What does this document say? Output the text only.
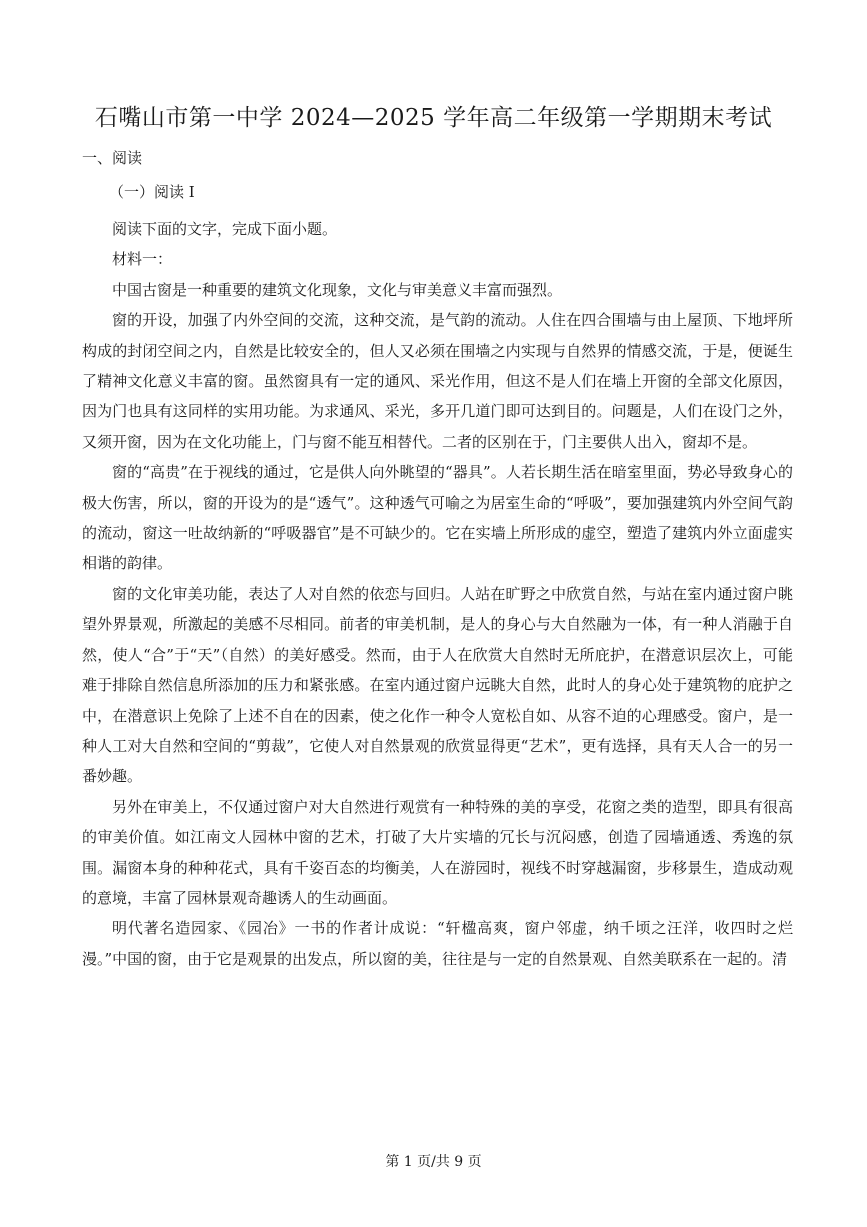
石嘴山市第一中学 2024—2025 学年高二年级第一学期期末考试
一、阅读
（一）阅读 I

阅读下面的文字，完成下面小题。

材料一：

中国古窗是一种重要的建筑文化现象，文化与审美意义丰富而强烈。

窗的开设，加强了内外空间的交流，这种交流，是气韵的流动。人住在四合围墙与由上屋顶、下地坪所构成的封闭空间之内，自然是比较安全的，但人又必须在围墙之内实现与自然界的情感交流，于是，便诞生了精神文化意义丰富的窗。虽然窗具有一定的通风、采光作用，但这不是人们在墙上开窗的全部文化原因，因为门也具有这同样的实用功能。为求通风、采光，多开几道门即可达到目的。问题是，人们在设门之外，又须开窗，因为在文化功能上，门与窗不能互相替代。二者的区别在于，门主要供人出入，窗却不是。

窗的“高贵”在于视线的通过，它是供人向外眺望的“器具”。人若长期生活在暗室里面，势必导致身心的极大伤害，所以，窗的开设为的是“透气”。这种透气可喻之为居室生命的“呼吸”，要加强建筑内外空间气韵的流动，窗这一吐故纳新的“呼吸器官”是不可缺少的。它在实墙上所形成的虚空，塑造了建筑内外立面虚实相谐的韵律。

窗的文化审美功能，表达了人对自然的依恋与回归。人站在旷野之中欣赏自然，与站在室内通过窗户眺望外界景观，所激起的美感不尽相同。前者的审美机制，是人的身心与大自然融为一体，有一种人消融于自然，使人“合”于“天”（自然）的美好感受。然而，由于人在欣赏大自然时无所庇护，在潜意识层次上，可能难于排除自然信息所添加的压力和紧张感。在室内通过窗户远眺大自然，此时人的身心处于建筑物的庇护之中，在潜意识上免除了上述不自在的因素，使之化作一种令人宽松自如、从容不迫的心理感受。窗户，是一种人工对大自然和空间的“剪裁”，它使人对自然景观的欣赏显得更“艺术”，更有选择，具有天人合一的另一番妙趣。

另外在审美上，不仅通过窗户对大自然进行观赏有一种特殊的美的享受，花窗之类的造型，即具有很高的审美价值。如江南文人园林中窗的艺术，打破了大片实墙的冗长与沉闷感，创造了园墙通透、秀逸的氛围。漏窗本身的种种花式，具有千姿百态的均衡美，人在游园时，视线不时穿越漏窗，步移景生，造成动观的意境，丰富了园林景观奇趣诱人的生动画面。

明代著名造园家、《园冶》一书的作者计成说：“轩楹高爽，窗户邻虚，纳千顷之汪洋，收四时之烂漫。”中国的窗，由于它是观景的出发点，所以窗的美，往往是与一定的自然景观、自然美联系在一起的。清

第 1 页/共 9 页
